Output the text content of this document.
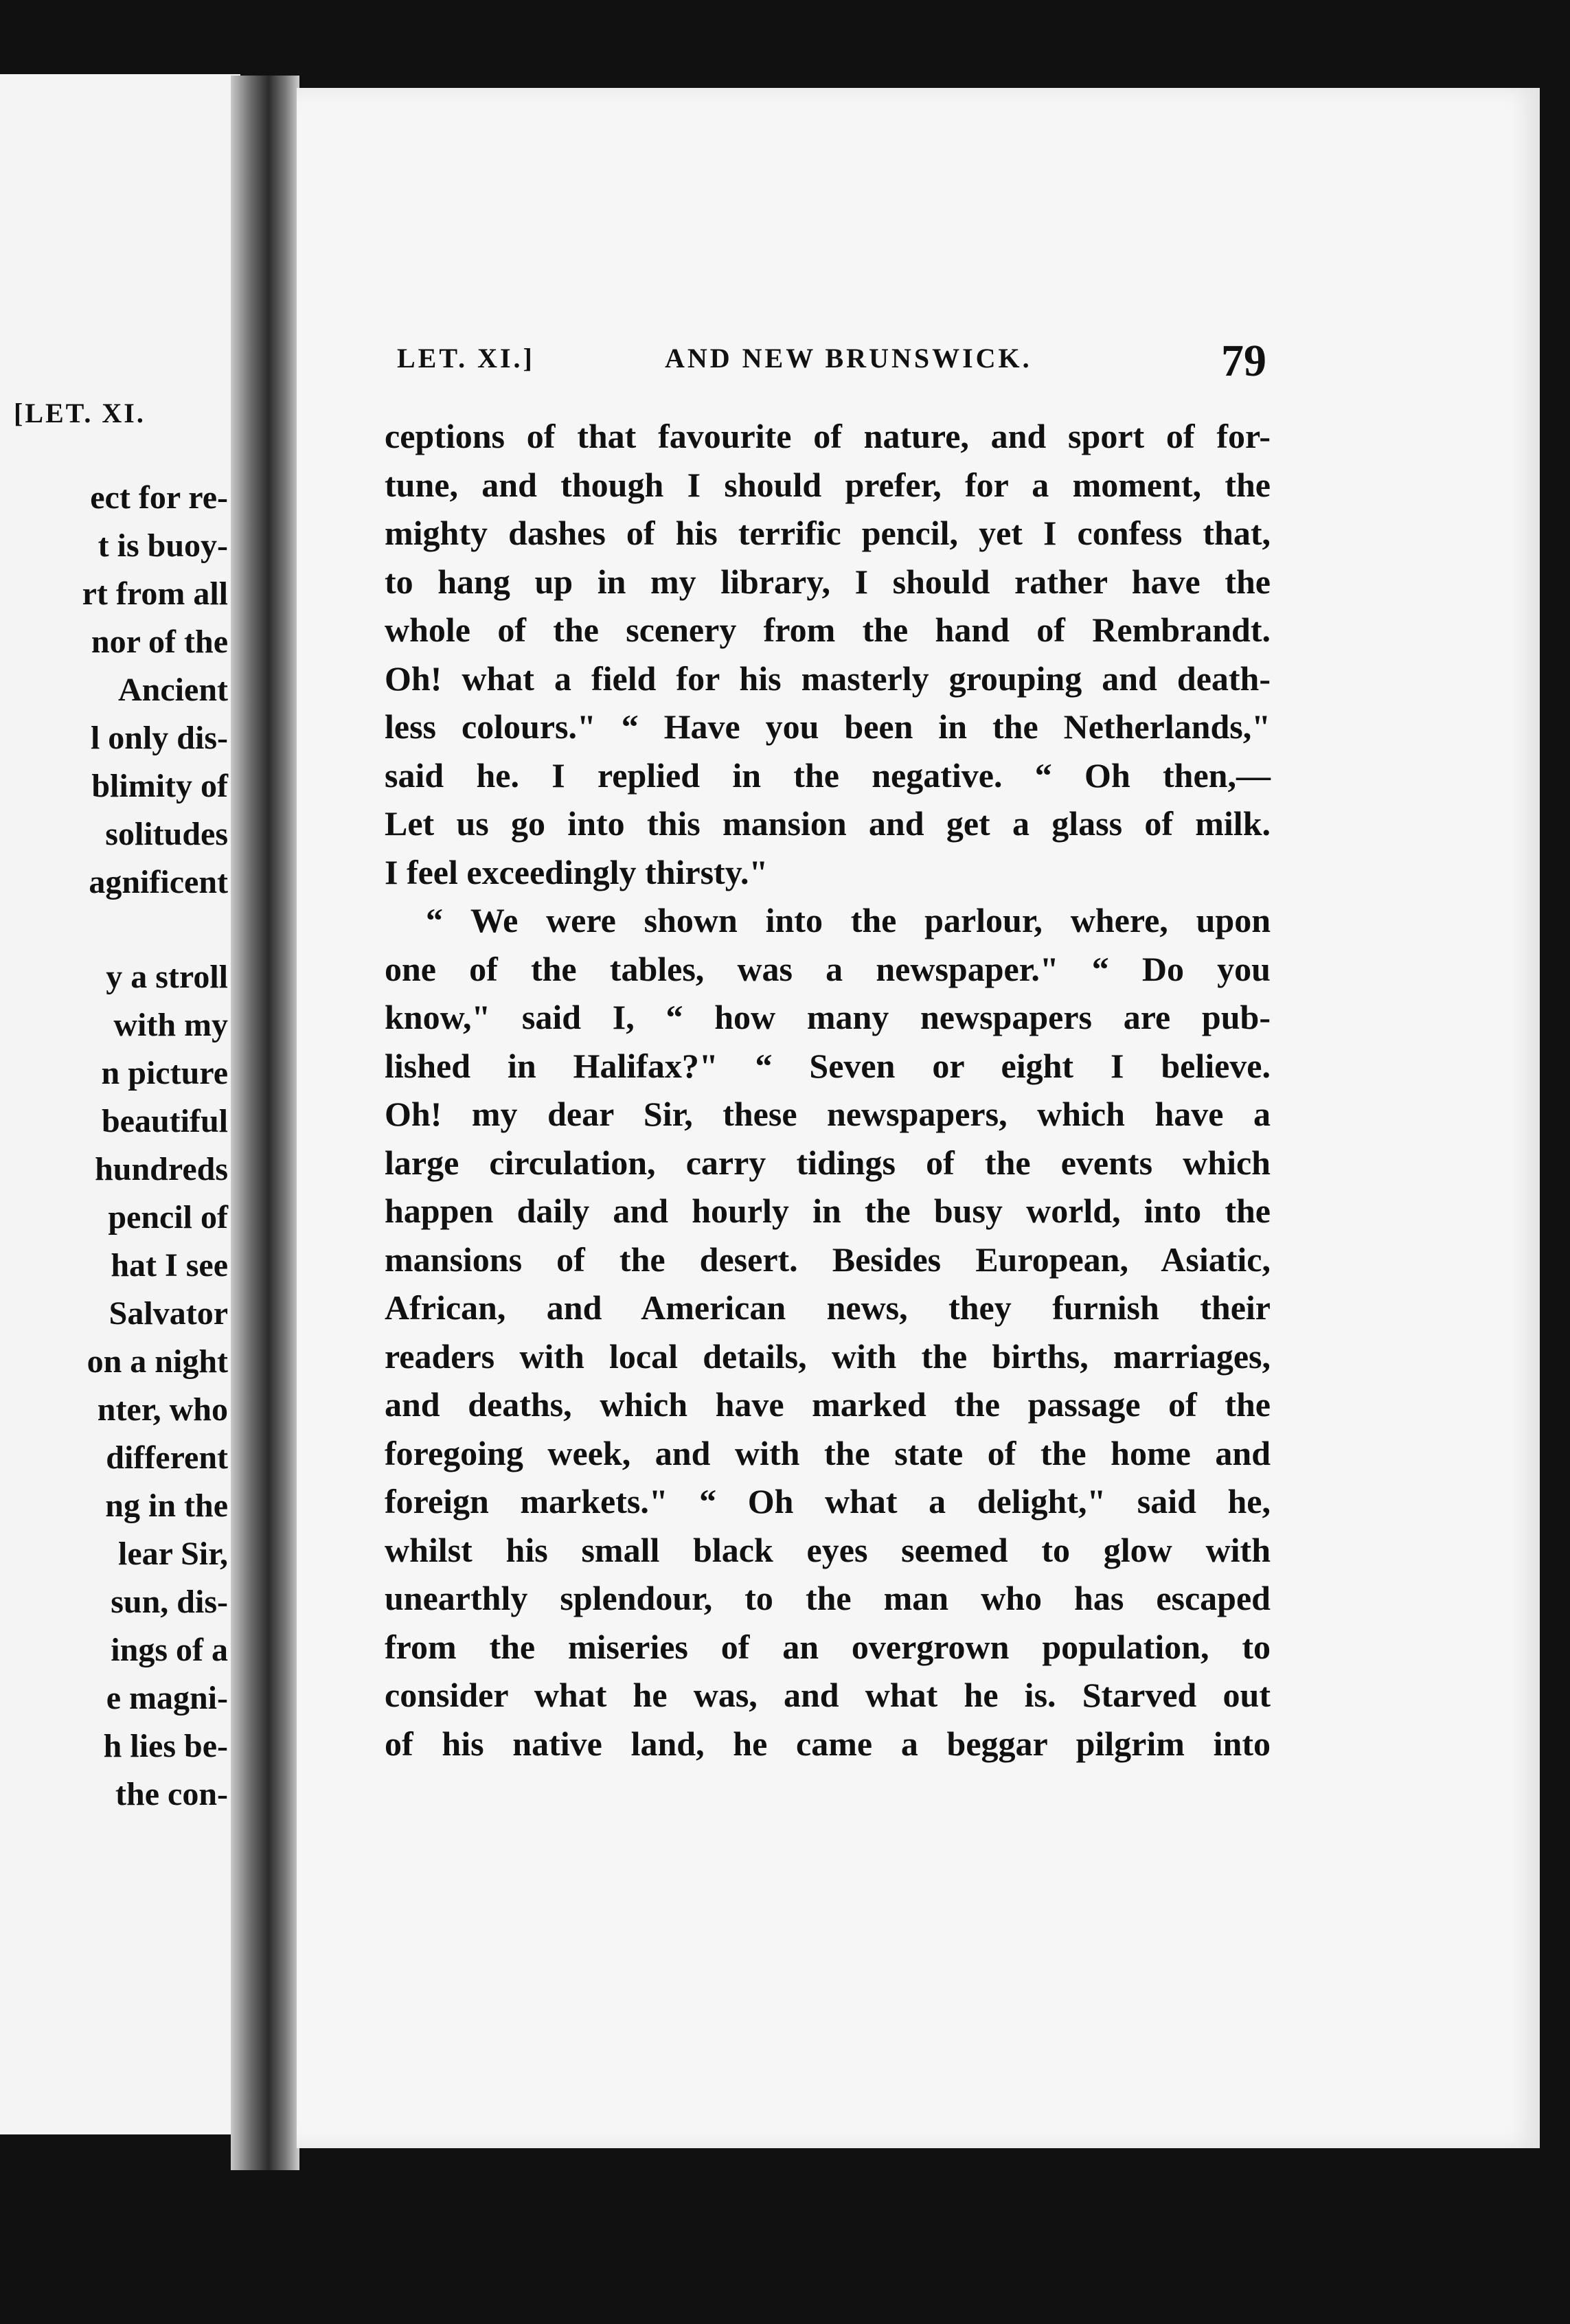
[LET. XI.
ect for re-
t is buoy-
rt from all
nor of the
Ancient
l only dis-
blimity of
solitudes
agnificent
y a stroll
with my
n picture
beautiful
hundreds
pencil of
hat I see
Salvator
on a night
nter, who
different
ng in the
lear Sir,
sun, dis-
ings of a
e magni-
h lies be-
the con-
LET. XI.]	AND NEW BRUNSWICK.	79
ceptions of that favourite of nature, and sport of for-
tune, and though I should prefer, for a moment, the
mighty dashes of his terrific pencil, yet I confess that,
to hang up in my library, I should rather have the
whole of the scenery from the hand of Rembrandt.
Oh! what a field for his masterly grouping and death-
less colours." “ Have you been in the Netherlands,"
said he. I replied in the negative. “ Oh then,—
Let us go into this mansion and get a glass of milk.
I feel exceedingly thirsty."
“ We were shown into the parlour, where, upon
one of the tables, was a newspaper." “ Do you
know," said I, “ how many newspapers are pub-
lished in Halifax?" “ Seven or eight I believe.
Oh! my dear Sir, these newspapers, which have a
large circulation, carry tidings of the events which
happen daily and hourly in the busy world, into the
mansions of the desert. Besides European, Asiatic,
African, and American news, they furnish their
readers with local details, with the births, marriages,
and deaths, which have marked the passage of the
foregoing week, and with the state of the home and
foreign markets." “ Oh what a delight," said he,
whilst his small black eyes seemed to glow with
unearthly splendour, to the man who has escaped
from the miseries of an overgrown population, to
consider what he was, and what he is. Starved out
of his native land, he came a beggar pilgrim into
